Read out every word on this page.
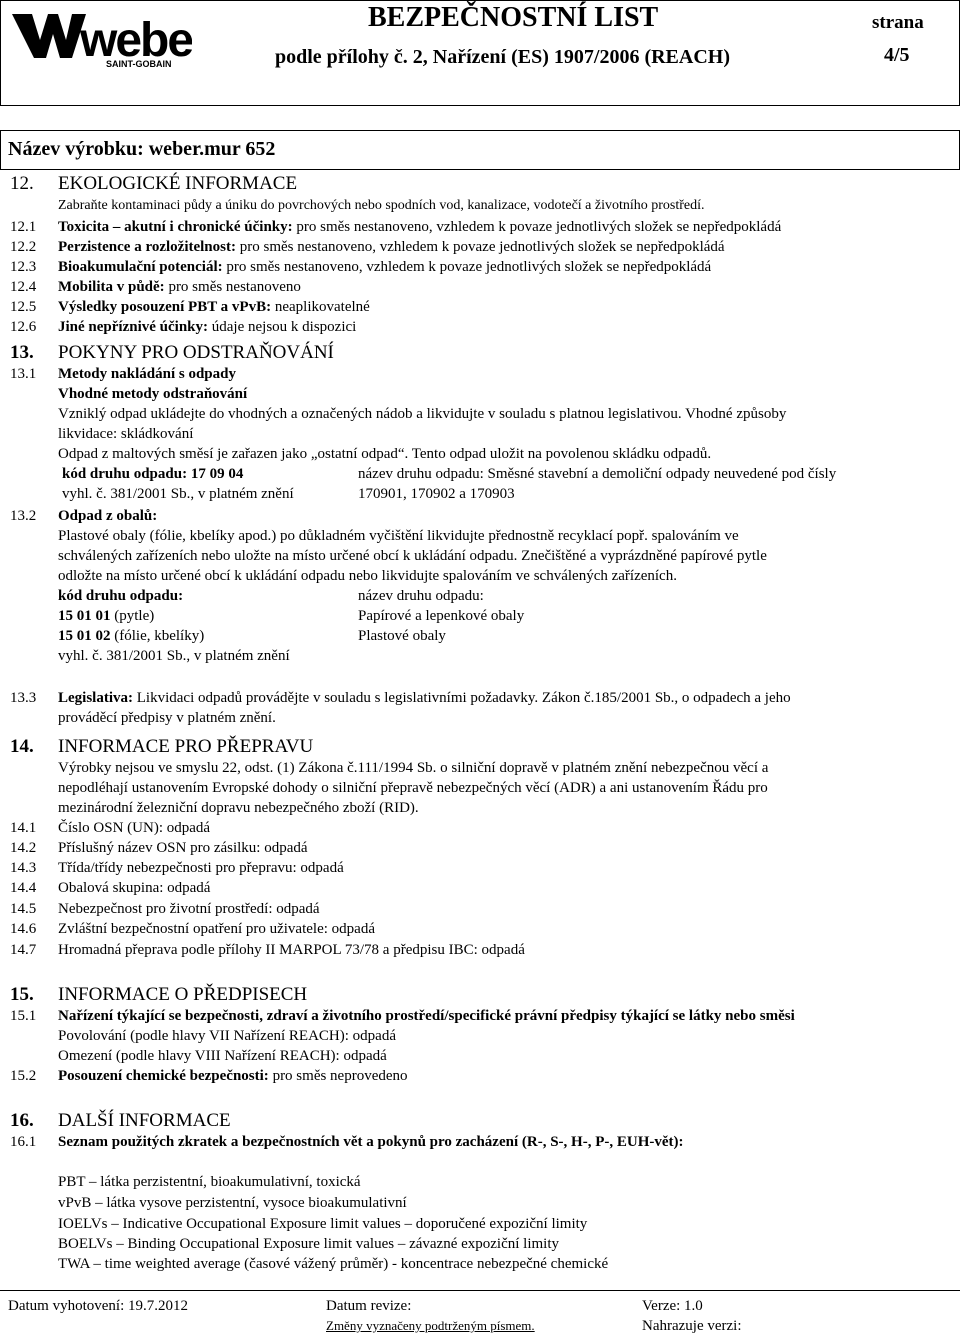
webe
SAINT-GOBAIN
BEZPEČNOSTNÍ LIST
podle přílohy č. 2, Nařízení (ES) 1907/2006 (REACH)
strana
4/5
Název výrobku: weber.mur 652
12. EKOLOGICKÉ INFORMACE
Zabraňte kontaminaci půdy a úniku do povrchových nebo spodních vod, kanalizace, vodotečí a životního prostředí.
12.1 Toxicita – akutní i chronické účinky: pro směs nestanoveno, vzhledem k povaze jednotlivých složek se nepředpokládá
12.2 Perzistence a rozložitelnost: pro směs nestanoveno, vzhledem k povaze jednotlivých složek se nepředpokládá
12.3 Bioakumulační potenciál: pro směs nestanoveno, vzhledem k povaze jednotlivých složek se nepředpokládá
12.4 Mobilita v půdě: pro směs nestanoveno
12.5 Výsledky posouzení PBT a vPvB: neaplikovatelné
12.6 Jiné nepříznivé účinky: údaje nejsou k dispozici
13. POKYNY PRO ODSTRAŇOVÁNÍ
13.1 Metody nakládání s odpady
Vhodné metody odstraňování
Vzniklý odpad ukládejte do vhodných a označených nádob a likvidujte v souladu s platnou legislativou. Vhodné způsoby
likvidace: skládkování
Odpad z maltových směsí je zařazen jako „ostatní odpad“. Tento odpad uložit na povolenou skládku odpadů.
kód druhu odpadu: 17 09 04	název druhu odpadu: Směsné stavební a demoliční odpady neuvedené pod čísly
vyhl. č. 381/2001 Sb., v platném znění	170901, 170902 a 170903
13.2 Odpad z obalů:
Plastové obaly (fólie, kbelíky apod.) po důkladném vyčištění likvidujte přednostně recyklací popř. spalováním ve
schválených zařízeních nebo uložte na místo určené obcí k ukládání odpadu. Znečištěné a vyprázdněné papírové pytle
odložte na místo určené obcí k ukládání odpadu nebo likvidujte spalováním ve schválených zařízeních.
kód druhu odpadu:	název druhu odpadu:
15 01 01 (pytle)	Papírové a lepenkové obaly
15 01 02 (fólie, kbelíky)	Plastové obaly
vyhl. č. 381/2001 Sb., v platném znění
13.3 Legislativa: Likvidaci odpadů provádějte v souladu s legislativními požadavky. Zákon č.185/2001 Sb., o odpadech a jeho
prováděcí předpisy v platném znění.
14. INFORMACE PRO PŘEPRAVU
Výrobky nejsou ve smyslu 22, odst. (1) Zákona č.111/1994 Sb. o silniční dopravě v platném znění nebezpečnou věcí a
nepodléhají ustanovením Evropské dohody o silniční přepravě nebezpečných věcí (ADR) a ani ustanovením Řádu pro
mezinárodní železniční dopravu nebezpečného zboží (RID).
14.1 Číslo OSN (UN): odpadá
14.2 Příslušný název OSN pro zásilku: odpadá
14.3 Třída/třídy nebezpečnosti pro přepravu: odpadá
14.4 Obalová skupina: odpadá
14.5 Nebezpečnost pro životní prostředí: odpadá
14.6 Zvláštní bezpečnostní opatření pro uživatele: odpadá
14.7 Hromadná přeprava podle přílohy II MARPOL 73/78 a předpisu IBC: odpadá
15. INFORMACE O PŘEDPISECH
15.1 Nařízení týkající se bezpečnosti, zdraví a životního prostředí/specifické právní předpisy týkající se látky nebo směsi
Povolování (podle hlavy VII Nařízení REACH): odpadá
Omezení (podle hlavy VIII Nařízení REACH): odpadá
15.2 Posouzení chemické bezpečnosti: pro směs neprovedeno
16. DALŠÍ INFORMACE
16.1 Seznam použitých zkratek a bezpečnostních vět a pokynů pro zacházení (R-, S-, H-, P-, EUH-vět):
PBT – látka perzistentní, bioakumulativní, toxická
vPvB – látka vysove perzistentní, vysoce bioakumulativní
IOELVs – Indicative Occupational Exposure limit values – doporučené expoziční limity
BOELVs – Binding Occupational Exposure limit values – závazné expoziční limity
TWA – time weighted average (časové vážený průměr) - koncentrace nebezpečné chemické
Datum vyhotovení: 19.7.2012	Datum revize:
Změny vyznačeny podtrženým písmem.
Verze: 1.0
Nahrazuje verzi:
